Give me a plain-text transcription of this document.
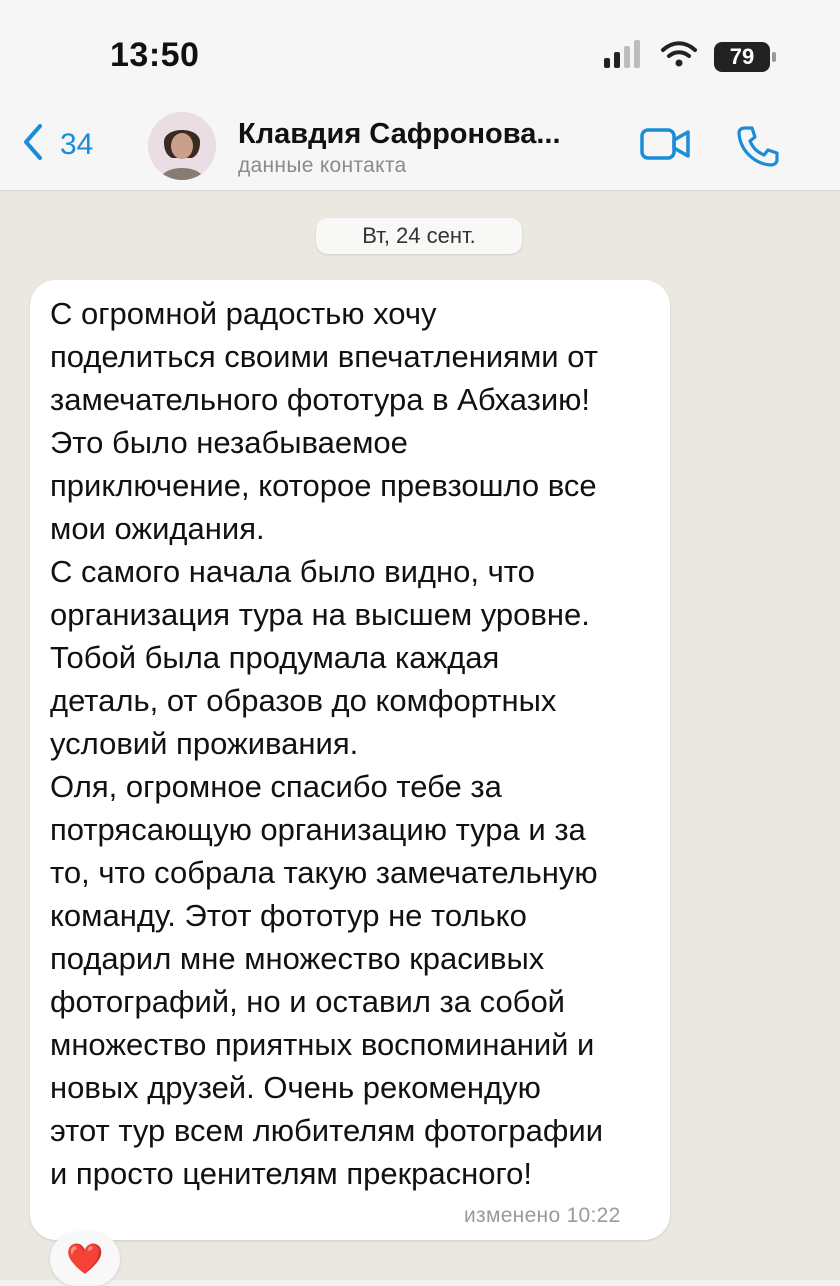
13:50	79
34	Клавдия Сафронова...
данные контакта
Вт, 24 сент.
С огромной радостью хочу
поделиться своими впечатлениями от
замечательного фототура в Абхазию!
Это было незабываемое
приключение, которое превзошло все
мои ожидания.
С самого начала было видно, что
организация тура на высшем уровне.
Тобой была продумала каждая
деталь, от образов до комфортных
условий проживания.
Оля, огромное спасибо тебе за
потрясающую организацию тура и за
то, что собрала такую замечательную
команду. Этот фототур не только
подарил мне множество красивых
фотографий, но и оставил за собой
множество приятных воспоминаний и
новых друзей. Очень рекомендую
этот тур всем любителям фотографии
и просто ценителям прекрасного!
изменено 10:22
❤️
